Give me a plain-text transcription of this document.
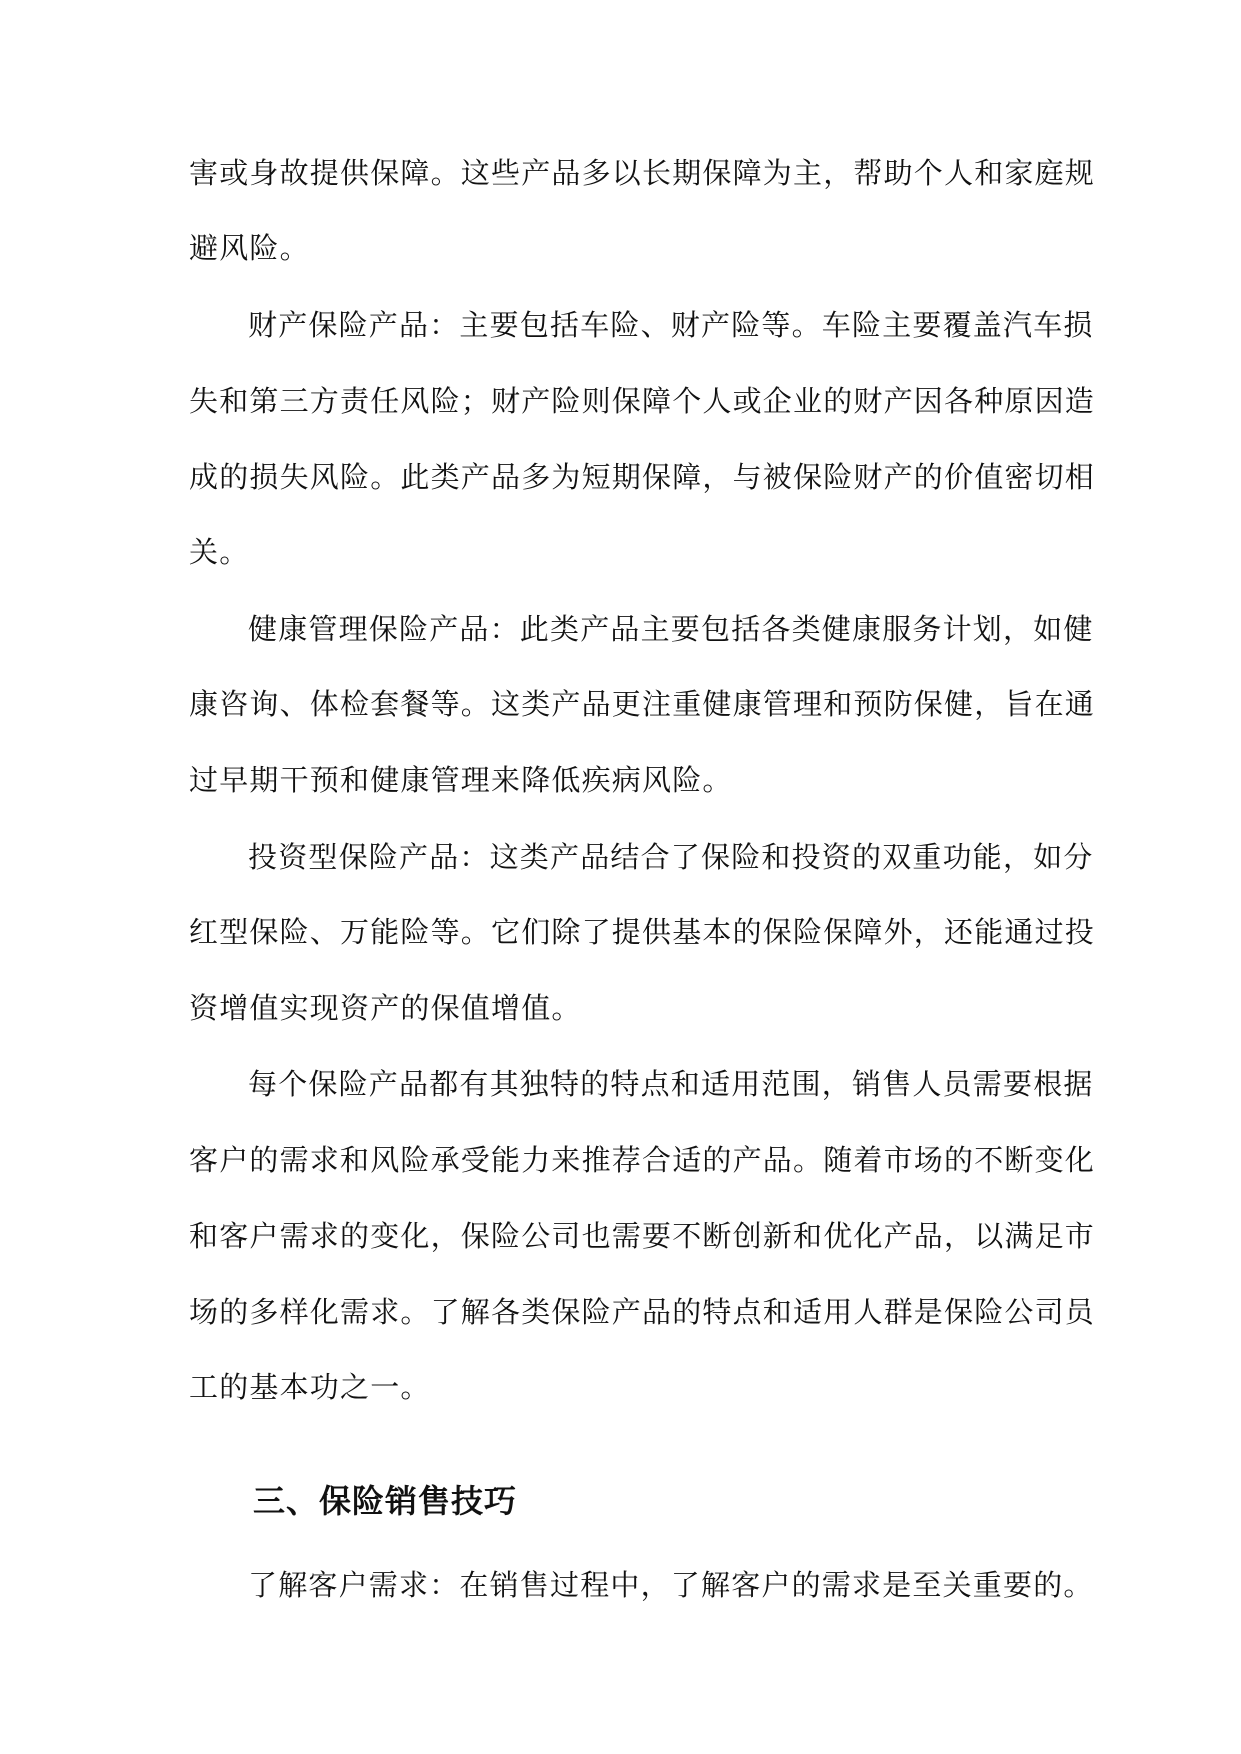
害或身故提供保障。这些产品多以长期保障为主，帮助个人和家庭规

避风险。

财产保险产品：主要包括车险、财产险等。车险主要覆盖汽车损

失和第三方责任风险；财产险则保障个人或企业的财产因各种原因造

成的损失风险。此类产品多为短期保障，与被保险财产的价值密切相

关。

健康管理保险产品：此类产品主要包括各类健康服务计划，如健

康咨询、体检套餐等。这类产品更注重健康管理和预防保健，旨在通

过早期干预和健康管理来降低疾病风险。

投资型保险产品：这类产品结合了保险和投资的双重功能，如分

红型保险、万能险等。它们除了提供基本的保险保障外，还能通过投

资增值实现资产的保值增值。

每个保险产品都有其独特的特点和适用范围，销售人员需要根据

客户的需求和风险承受能力来推荐合适的产品。随着市场的不断变化

和客户需求的变化，保险公司也需要不断创新和优化产品，以满足市

场的多样化需求。了解各类保险产品的特点和适用人群是保险公司员

工的基本功之一。

三、保险销售技巧

了解客户需求：在销售过程中，了解客户的需求是至关重要的。
